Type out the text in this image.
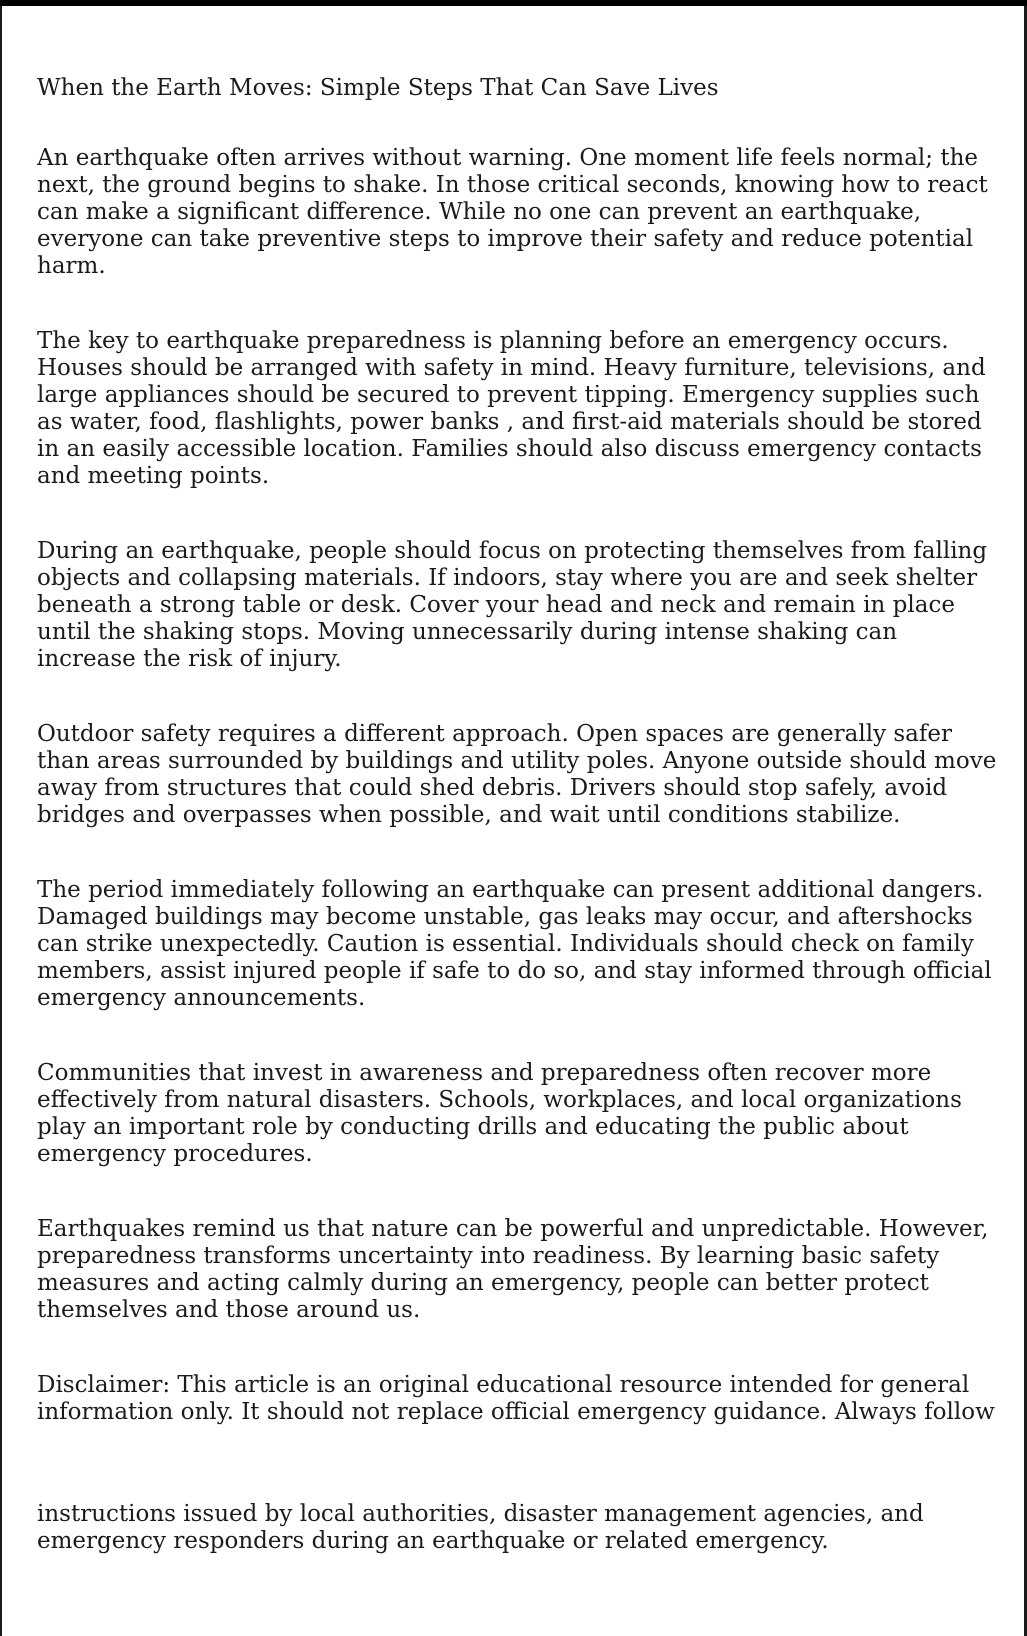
When the Earth Moves: Simple Steps That Can Save Lives

An earthquake often arrives without warning. One moment life feels normal; the next, the ground begins to shake. In those critical seconds, knowing how to react can make a significant difference. While no one can prevent an earthquake, everyone can take preventive steps to improve their safety and reduce potential harm.

The key to earthquake preparedness is planning before an emergency occurs. Houses should be arranged with safety in mind. Heavy furniture, televisions, and large appliances should be secured to prevent tipping. Emergency supplies such as water, food, flashlights, power banks , and first-aid materials should be stored in an easily accessible location. Families should also discuss emergency contacts and meeting points.

During an earthquake, people should focus on protecting themselves from falling objects and collapsing materials. If indoors, stay where you are and seek shelter beneath a strong table or desk. Cover your head and neck and remain in place until the shaking stops. Moving unnecessarily during intense shaking can increase the risk of injury.

Outdoor safety requires a different approach. Open spaces are generally safer than areas surrounded by buildings and utility poles. Anyone outside should move away from structures that could shed debris. Drivers should stop safely, avoid bridges and overpasses when possible, and wait until conditions stabilize.

The period immediately following an earthquake can present additional dangers. Damaged buildings may become unstable, gas leaks may occur, and aftershocks can strike unexpectedly. Caution is essential. Individuals should check on family members, assist injured people if safe to do so, and stay informed through official emergency announcements.

Communities that invest in awareness and preparedness often recover more effectively from natural disasters. Schools, workplaces, and local organizations play an important role by conducting drills and educating the public about emergency procedures.

Earthquakes remind us that nature can be powerful and unpredictable. However, preparedness transforms uncertainty into readiness. By learning basic safety measures and acting calmly during an emergency, people can better protect themselves and those around us.

Disclaimer: This article is an original educational resource intended for general information only. It should not replace official emergency guidance. Always follow

instructions issued by local authorities, disaster management agencies, and emergency responders during an earthquake or related emergency.
